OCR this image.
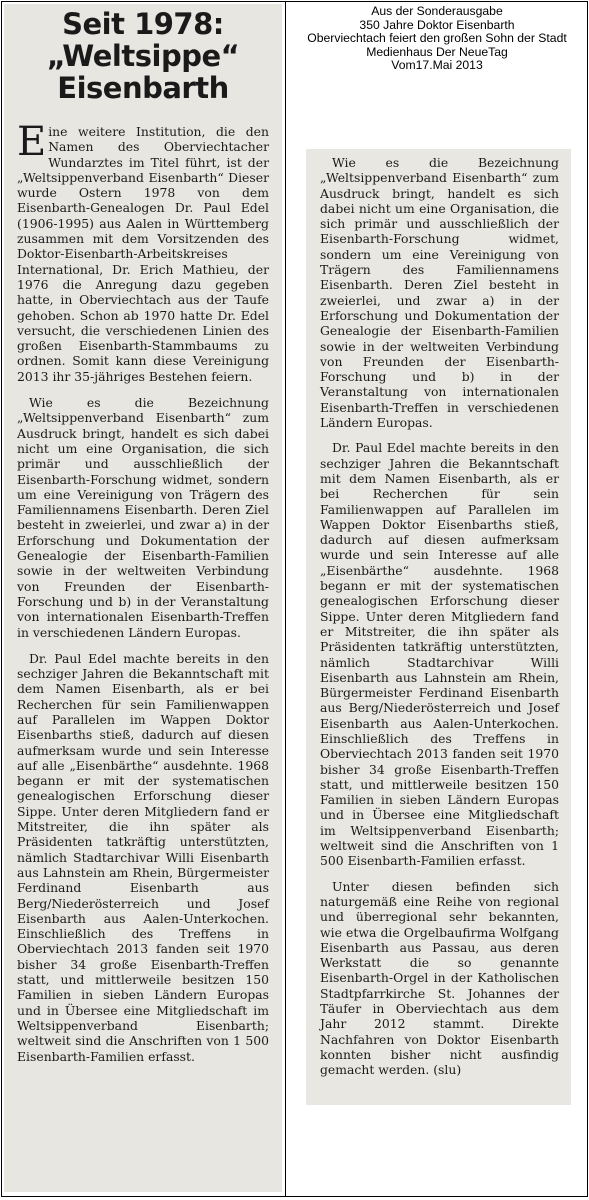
Aus der Sonderausgabe
350 Jahre Doktor Eisenbarth
Oberviechtach feiert den großen Sohn der Stadt
Medienhaus Der NeueTag
Vom17.Mai 2013
Seit 1978:
„Weltsippe“
Eisenbarth

Eine weitere Institution, die den Namen des Oberviechtacher Wundarztes im Titel führt, ist der „Weltsippenverband Eisenbarth“ Dieser wurde Ostern 1978 von dem Eisenbarth-Genealogen Dr. Paul Edel (1906-1995) aus Aalen in Württemberg zusammen mit dem Vorsitzenden des Doktor-Eisenbarth-Arbeitskreises International, Dr. Erich Mathieu, der 1976 die Anregung dazu gegeben hatte, in Oberviechtach aus der Taufe gehoben. Schon ab 1970 hatte Dr. Edel versucht, die verschiedenen Linien des großen Eisenbarth-Stammbaums zu ordnen. Somit kann diese Vereinigung 2013 ihr 35-jähriges Bestehen feiern.

Wie es die Bezeichnung „Weltsippenverband Eisenbarth“ zum Ausdruck bringt, handelt es sich dabei nicht um eine Organisation, die sich primär und ausschließlich der Eisenbarth-Forschung widmet, sondern um eine Vereinigung von Trägern des Familiennamens Eisenbarth. Deren Ziel besteht in zweierlei, und zwar a) in der Erforschung und Dokumentation der Genealogie der Eisenbarth-Familien sowie in der weltweiten Verbindung von Freunden der Eisenbarth-Forschung und b) in der Veranstaltung von internationalen Eisenbarth-Treffen in verschiedenen Ländern Europas.

Dr. Paul Edel machte bereits in den sechziger Jahren die Bekanntschaft mit dem Namen Eisenbarth, als er bei Recherchen für sein Familienwappen auf Parallelen im Wappen Doktor Eisenbarths stieß, dadurch auf diesen aufmerksam wurde und sein Interesse auf alle „Eisenbärthe“ ausdehnte. 1968 begann er mit der systematischen genealogischen Erforschung dieser Sippe. Unter deren Mitgliedern fand er Mitstreiter, die ihn später als Präsidenten tatkräftig unterstützten, nämlich Stadtarchivar Willi Eisenbarth aus Lahnstein am Rhein, Bürgermeister Ferdinand Eisenbarth aus Berg/Niederösterreich und Josef Eisenbarth aus Aalen-Unterkochen. Einschließlich des Treffens in Oberviechtach 2013 fanden seit 1970 bisher 34 große Eisenbarth-Treffen statt, und mittlerweile besitzen 150 Familien in sieben Ländern Europas und in Übersee eine Mitgliedschaft im Weltsippenverband Eisenbarth; weltweit sind die Anschriften von 1 500 Eisenbarth-Familien erfasst.

Wie es die Bezeichnung „Weltsippenverband Eisenbarth“ zum Ausdruck bringt, handelt es sich dabei nicht um eine Organisation, die sich primär und ausschließlich der Eisenbarth-Forschung widmet, sondern um eine Vereinigung von Trägern des Familiennamens Eisenbarth. Deren Ziel besteht in zweierlei, und zwar a) in der Erforschung und Dokumentation der Genealogie der Eisenbarth-Familien sowie in der weltweiten Verbindung von Freunden der Eisenbarth-Forschung und b) in der Veranstaltung von internationalen Eisenbarth-Treffen in verschiedenen Ländern Europas.

Dr. Paul Edel machte bereits in den sechziger Jahren die Bekanntschaft mit dem Namen Eisenbarth, als er bei Recherchen für sein Familienwappen auf Parallelen im Wappen Doktor Eisenbarths stieß, dadurch auf diesen aufmerksam wurde und sein Interesse auf alle „Eisenbärthe“ ausdehnte. 1968 begann er mit der systematischen genealogischen Erforschung dieser Sippe. Unter deren Mitgliedern fand er Mitstreiter, die ihn später als Präsidenten tatkräftig unterstützten, nämlich Stadtarchivar Willi Eisenbarth aus Lahnstein am Rhein, Bürgermeister Ferdinand Eisenbarth aus Berg/Niederösterreich und Josef Eisenbarth aus Aalen-Unterkochen. Einschließlich des Treffens in Oberviechtach 2013 fanden seit 1970 bisher 34 große Eisenbarth-Treffen statt, und mittlerweile besitzen 150 Familien in sieben Ländern Europas und in Übersee eine Mitgliedschaft im Weltsippenverband Eisenbarth; weltweit sind die Anschriften von 1 500 Eisenbarth-Familien erfasst.

Unter diesen befinden sich naturgemäß eine Reihe von regional und überregional sehr bekannten, wie etwa die Orgelbaufirma Wolfgang Eisenbarth aus Passau, aus deren Werkstatt die so genannte Eisenbarth-Orgel in der Katholischen Stadtpfarrkirche St. Johannes der Täufer in Oberviechtach aus dem Jahr 2012 stammt. Direkte Nachfahren von Doktor Eisenbarth konnten bisher nicht ausfindig gemacht werden. (slu)
